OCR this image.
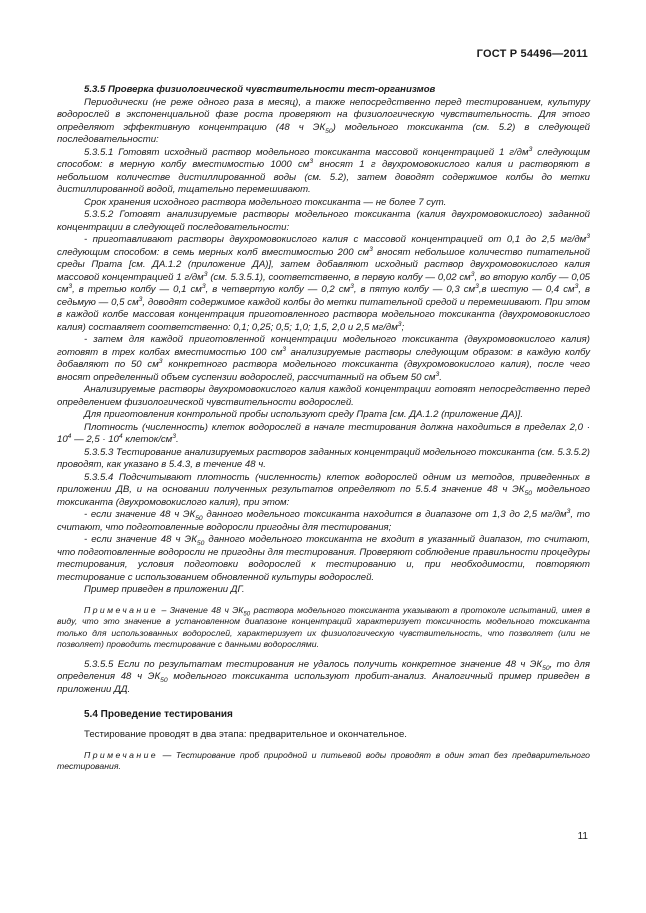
ГОСТ Р 54496—2011

5.3.5 Проверка физиологической чувствительности тест-организмов

Периодически (не реже одного раза в месяц), а также непосредственно перед тестированием, культуру водорослей в экспоненциальной фазе роста проверяют на физиологическую чувствительность. Для этого определяют эффективную концентрацию (48 ч $ЭК_{50}$) модельного токсиканта (см. 5.2) в следующей последовательности:

5.3.5.1 Готовят исходный раствор модельного токсиканта массовой концентрацией 1 $г/дм^3$ следующим способом: в мерную колбу вместимостью 1000 $см^3$ вносят 1 г двухромовокислого калия и растворяют в небольшом количестве дистиллированной воды (см. 5.2), затем доводят содержимое колбы до метки дистиллированной водой, тщательно перемешивают.

Срок хранения исходного раствора модельного токсиканта — не более 7 сут.

5.3.5.2 Готовят анализируемые растворы модельного токсиканта (калия двухромовокислого) заданной концентрации в следующей последовательности:

- приготавливают растворы двухромовокислого калия с массовой концентрацией от 0,1 до 2,5 $мг/дм^3$ следующим способом: в семь мерных колб вместимостью 200 $см^3$ вносят небольшое количество питательной среды Прата [см. ДА.1.2 (приложение ДА)], затем добавляют исходный раствор двухромовокислого калия массовой концентрацией 1 $г/дм^3$ (см. 5.3.5.1), соответственно, в первую колбу — 0,02 $см^3$, во вторую колбу — 0,05 $см^3$, в третью колбу — 0,1 $см^3$, в четвертую колбу — 0,2 $см^3$, в пятую колбу — 0,3 $см^3,в$ шестую — 0,4 $см^3$, в седьмую — 0,5 $см^3$, доводят содержимое каждой колбы до метки питательной средой и перемешивают. При этом в каждой колбе массовая концентрация приготовленного раствора модельного токсиканта (двухромовокислого калия) составляет соответственно: 0,1; 0,25; 0,5; 1,0; 1,5, 2,0 и 2,5 $мг/дм^3$;

- затем для каждой приготовленной концентрации модельного токсиканта (двухромовокислого калия) готовят в трех колбах вместимостью 100 $см^3$ анализируемые растворы следующим образом: в каждую колбу добавляют по 50 $см^3$ конкретного раствора модельного токсиканта (двухромовокислого калия), после чего вносят определенный объем суспензии водорослей, рассчитанный на объем 50 $см^3$.

Анализируемые растворы двухромовокислого калия каждой концентрации готовят непосредственно перед определением физиологической чувствительности водорослей.

Для приготовления контрольной пробы используют среду Прата [см. ДА.1.2 (приложение ДА)].

Плотность (численность) клеток водорослей в начале тестирования должна находиться в пределах $2,0 \cdot 10^4$ — $2,5 \cdot 10^4$ клеток/$см^3$.

5.3.5.3 Тестирование анализируемых растворов заданных концентраций модельного токсиканта (см. 5.3.5.2) проводят, как указано в 5.4.3, в течение 48 ч.

5.3.5.4 Подсчитывают плотность (численность) клеток водорослей одним из методов, приведенных в приложении ДВ, и на основании полученных результатов определяют по 5.5.4 значение 48 ч $ЭК_{50}$ модельного токсиканта (двухромовокислого калия), при этом:

- если значение 48 ч $ЭК_{50}$ данного модельного токсиканта находится в диапазоне от 1,3 до 2,5 $мг/дм^3$, то считают, что подготовленные водоросли пригодны для тестирования;

- если значение 48 ч $ЭК_{50}$ данного модельного токсиканта не входит в указанный диапазон, то считают, что подготовленные водоросли не пригодны для тестирования. Проверяют соблюдение правильности процедуры тестирования, условия подготовки водорослей к тестированию и, при необходимости, повторяют тестирование с использованием обновленной культуры водорослей.

Пример приведен в приложении ДГ.

Примечание – Значение 48 ч $ЭК_{50}$ раствора модельного токсиканта указывают в протоколе испытаний, имея в виду, что это значение в установленном диапазоне концентраций характеризует токсичность модельного токсиканта только для использованных водорослей, характеризует их физиологическую чувствительность, что позволяет (или не позволяет) проводить тестирование с данными водорослями.

5.3.5.5 Если по результатам тестирования не удалось получить конкретное значение 48 ч $ЭК_{50}$, то для определения 48 ч $ЭК_{50}$ модельного токсиканта используют пробит-анализ. Аналогичный пример приведен в приложении ДД.

5.4 Проведение тестирования

Тестирование проводят в два этапа: предварительное и окончательное.

Примечание — Тестирование проб природной и питьевой воды проводят в один этап без предварительного тестирования.

11
